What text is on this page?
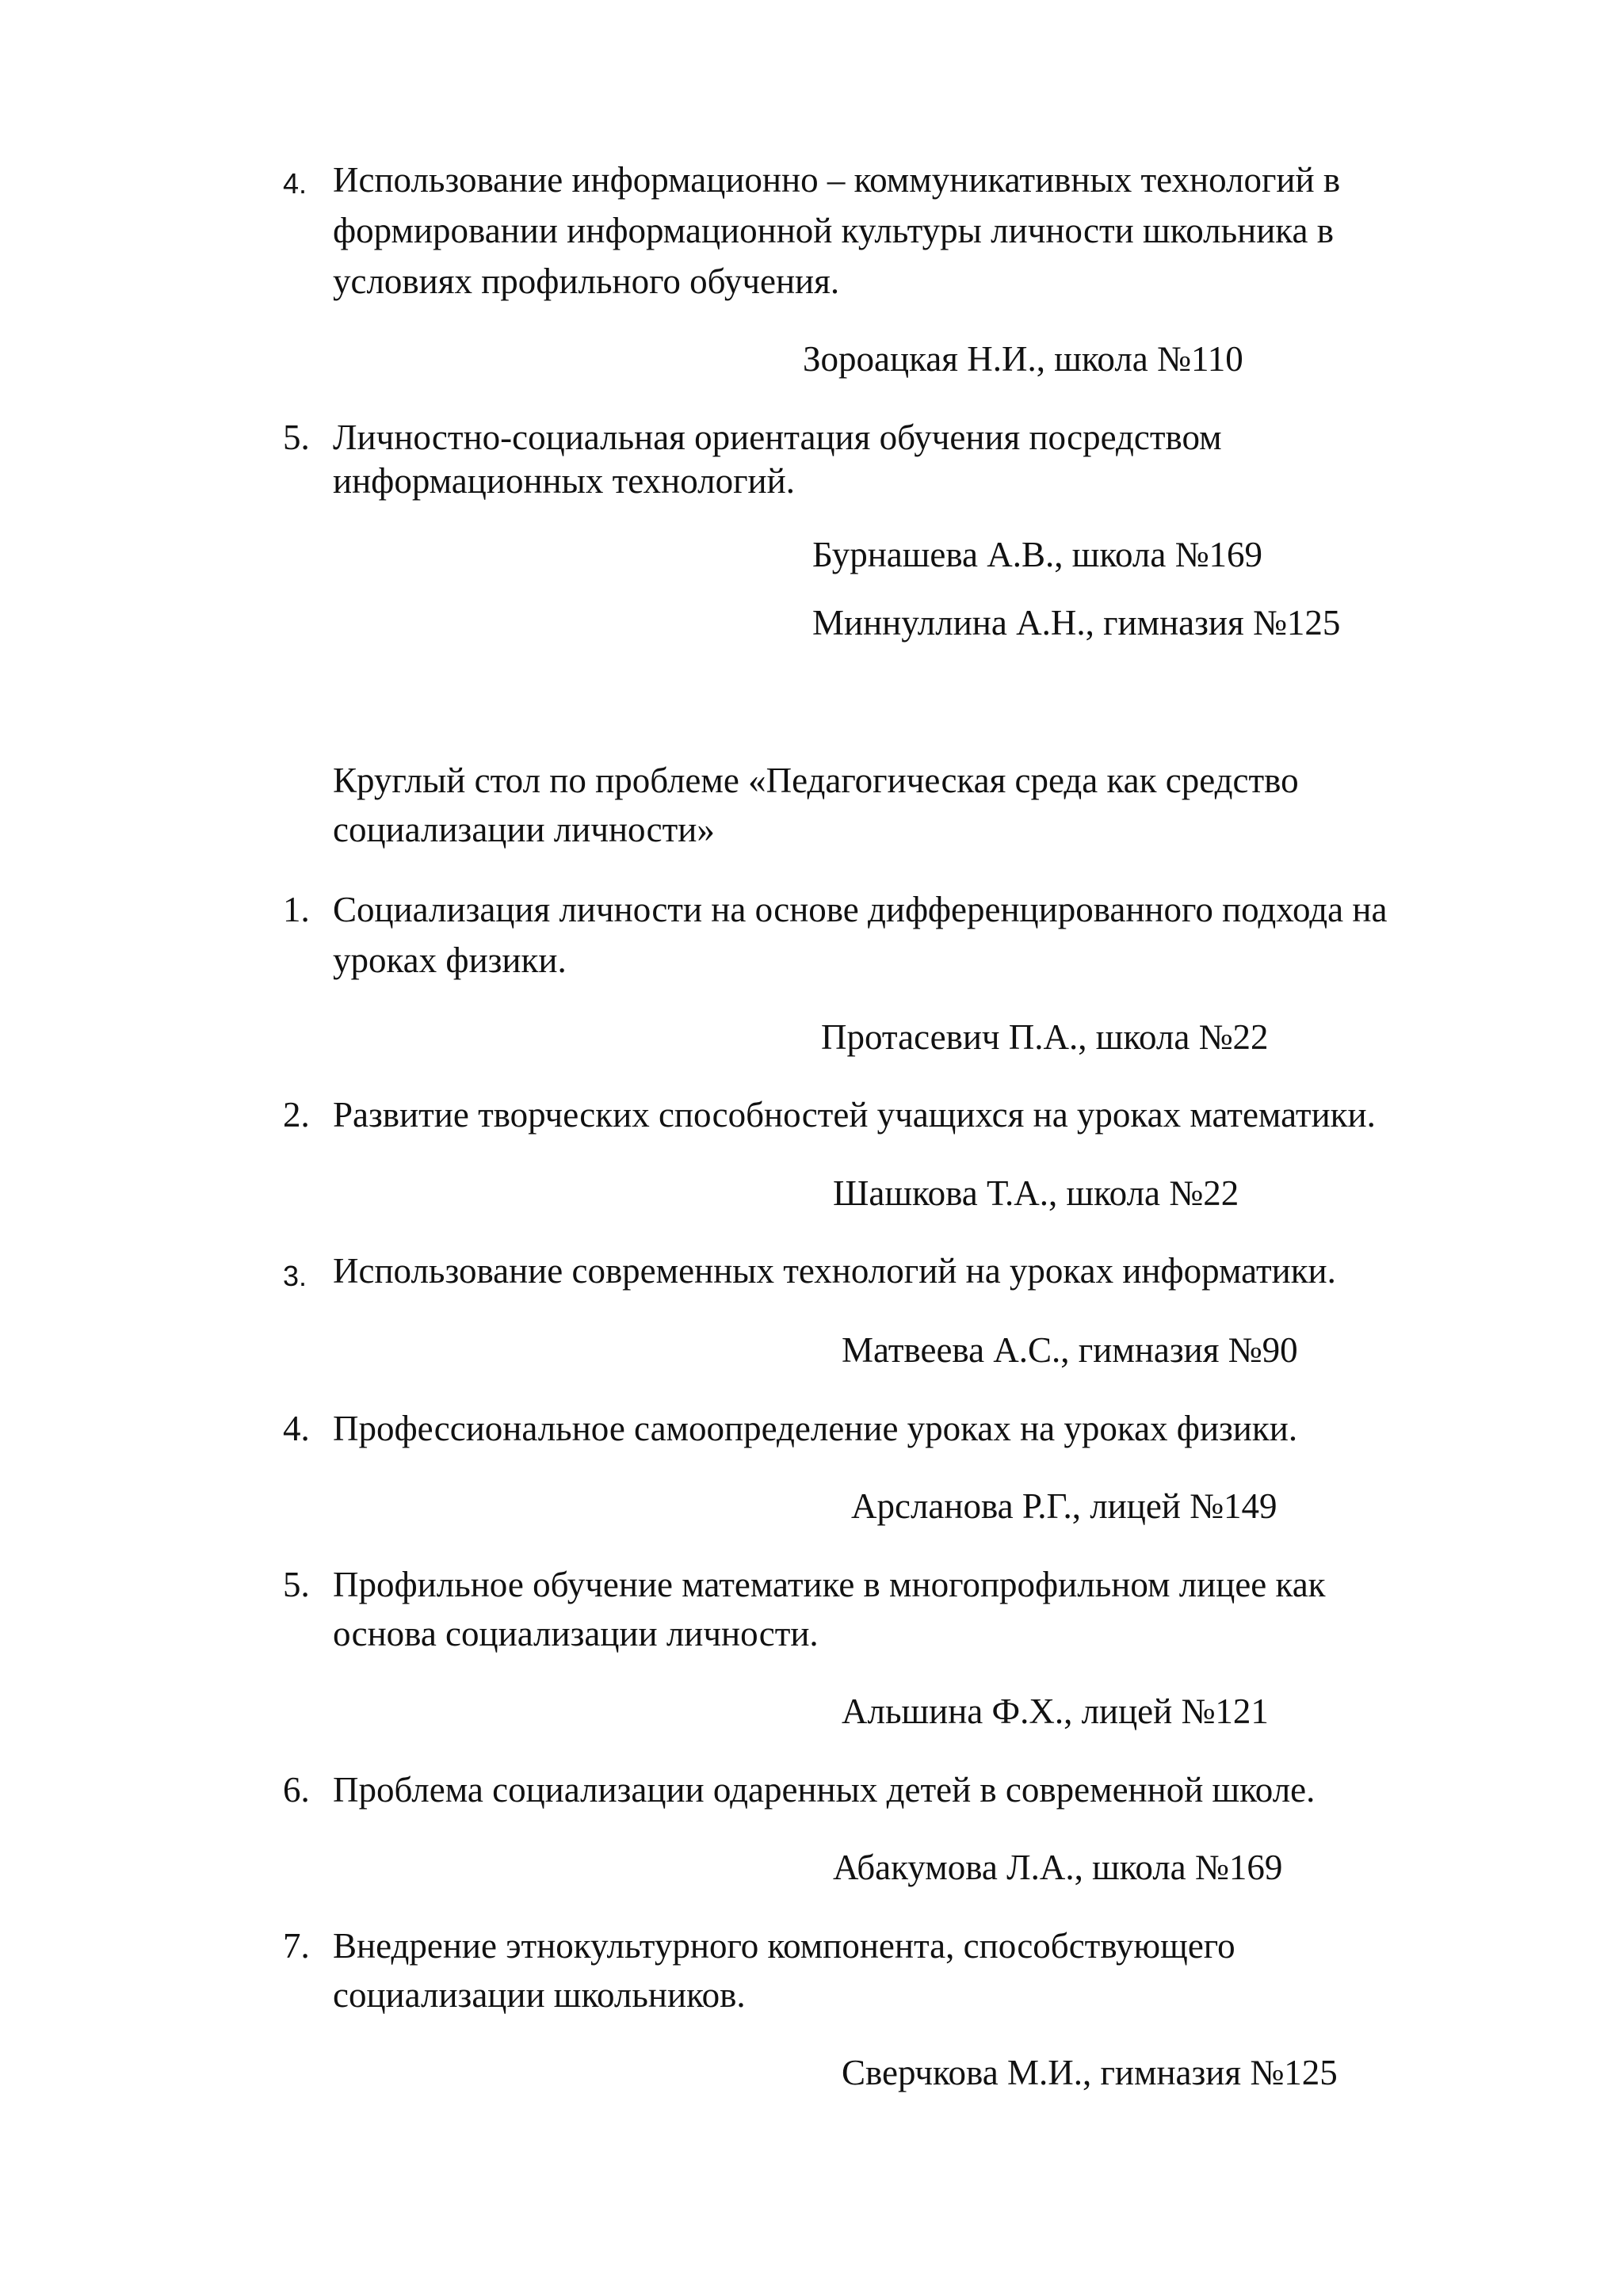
4. Использование информационно – коммуникативных технологий в
формировании информационной культуры личности школьника в
условиях профильного обучения.
Зороацкая Н.И., школа №110
5. Личностно-социальная ориентация обучения посредством
информационных технологий.
Бурнашева А.В., школа №169
Миннуллина А.Н., гимназия №125
Круглый стол по проблеме «Педагогическая среда как средство
социализации личности»
1. Социализация личности на основе дифференцированного подхода на
уроках физики.
Протасевич П.А., школа №22
2. Развитие творческих способностей учащихся на уроках математики.
Шашкова Т.А., школа №22
3. Использование современных технологий на уроках информатики.
Матвеева А.С., гимназия №90
4. Профессиональное самоопределение уроках на уроках физики.
Арсланова Р.Г., лицей №149
5. Профильное обучение математике в многопрофильном лицее как
основа социализации личности.
Альшина Ф.Х., лицей №121
6. Проблема социализации одаренных детей в современной школе.
Абакумова Л.А., школа №169
7. Внедрение этнокультурного компонента, способствующего
социализации школьников.
Сверчкова М.И., гимназия №125
